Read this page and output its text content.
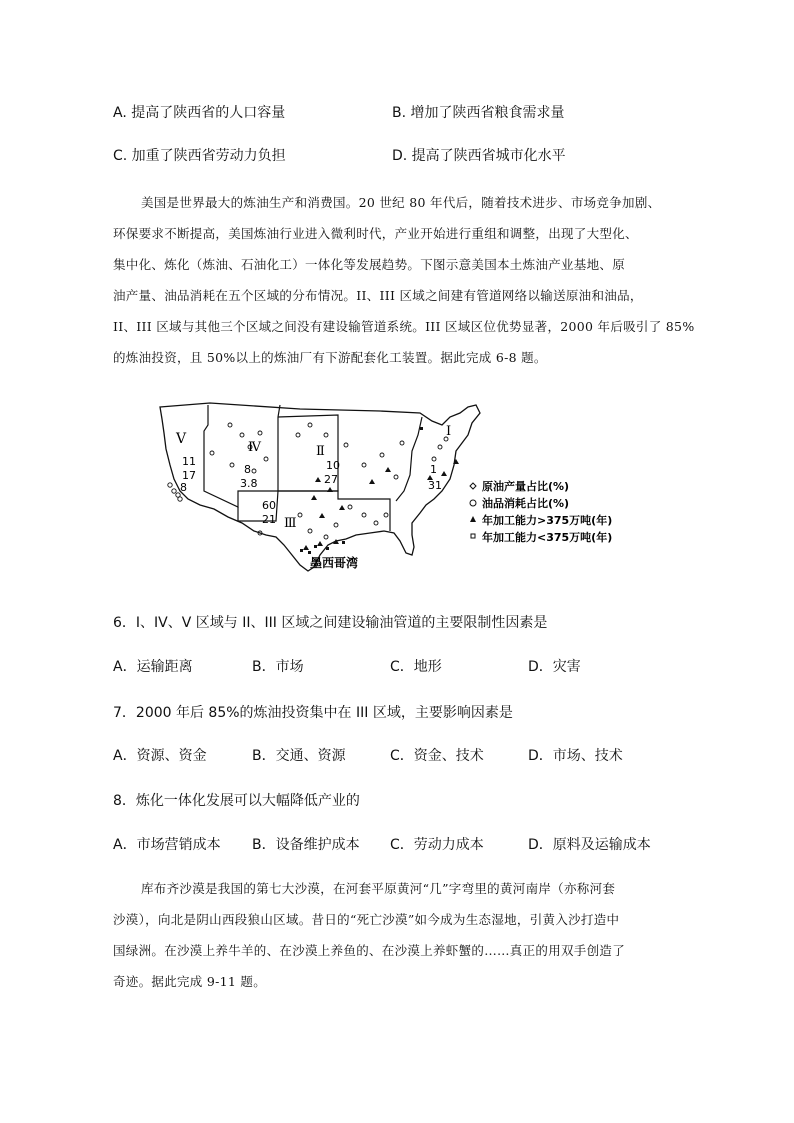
A. 提高了陕西省的人口容量	B. 增加了陕西省粮食需求量
C. 加重了陕西省劳动力负担	D. 提高了陕西省城市化水平

美国是世界最大的炼油生产和消费国。20 世纪 80 年代后，随着技术进步、市场竞争加剧、

环保要求不断提高，美国炼油行业进入微利时代，产业开始进行重组和调整，出现了大型化、

集中化、炼化（炼油、石油化工）一体化等发展趋势。下图示意美国本土炼油产业基地、原

油产量、油品消耗在五个区域的分布情况。II、III 区域之间建有管道网络以输送原油和油品，

II、III 区域与其他三个区域之间没有建设输管道系统。III 区域区位优势显著，2000 年后吸引了 85%

的炼油投资，且 50%以上的炼油厂有下游配套化工装置。据此完成 6-8 题。

V
11
17
8
Ⅳ
8
3.8
Ⅱ
10
27
I
1
31
Ⅲ
60
21
墨西哥湾
原油产量占比(%)
油品消耗占比(%)
年加工能力>375万吨(年)
年加工能力<375万吨(年)
6．I、IV、V 区域与 II、III 区域之间建设输油管道的主要限制性因素是
A．运输距离	B．市场	C．地形	D．灾害
7．2000 年后 85%的炼油投资集中在 III 区域，主要影响因素是
A．资源、资金	B．交通、资源	C．资金、技术	D．市场、技术
8．炼化一体化发展可以大幅降低产业的
A．市场营销成本 B．设备维护成本 C．劳动力成本	D．原料及运输成本

库布齐沙漠是我国的第七大沙漠，在河套平原黄河“几”字弯里的黄河南岸（亦称河套

沙漠），向北是阴山西段狼山区域。昔日的“死亡沙漠”如今成为生态湿地，引黄入沙打造中

国绿洲。在沙漠上养牛羊的、在沙漠上养鱼的、在沙漠上养虾蟹的……真正的用双手创造了

奇迹。据此完成 9-11 题。
